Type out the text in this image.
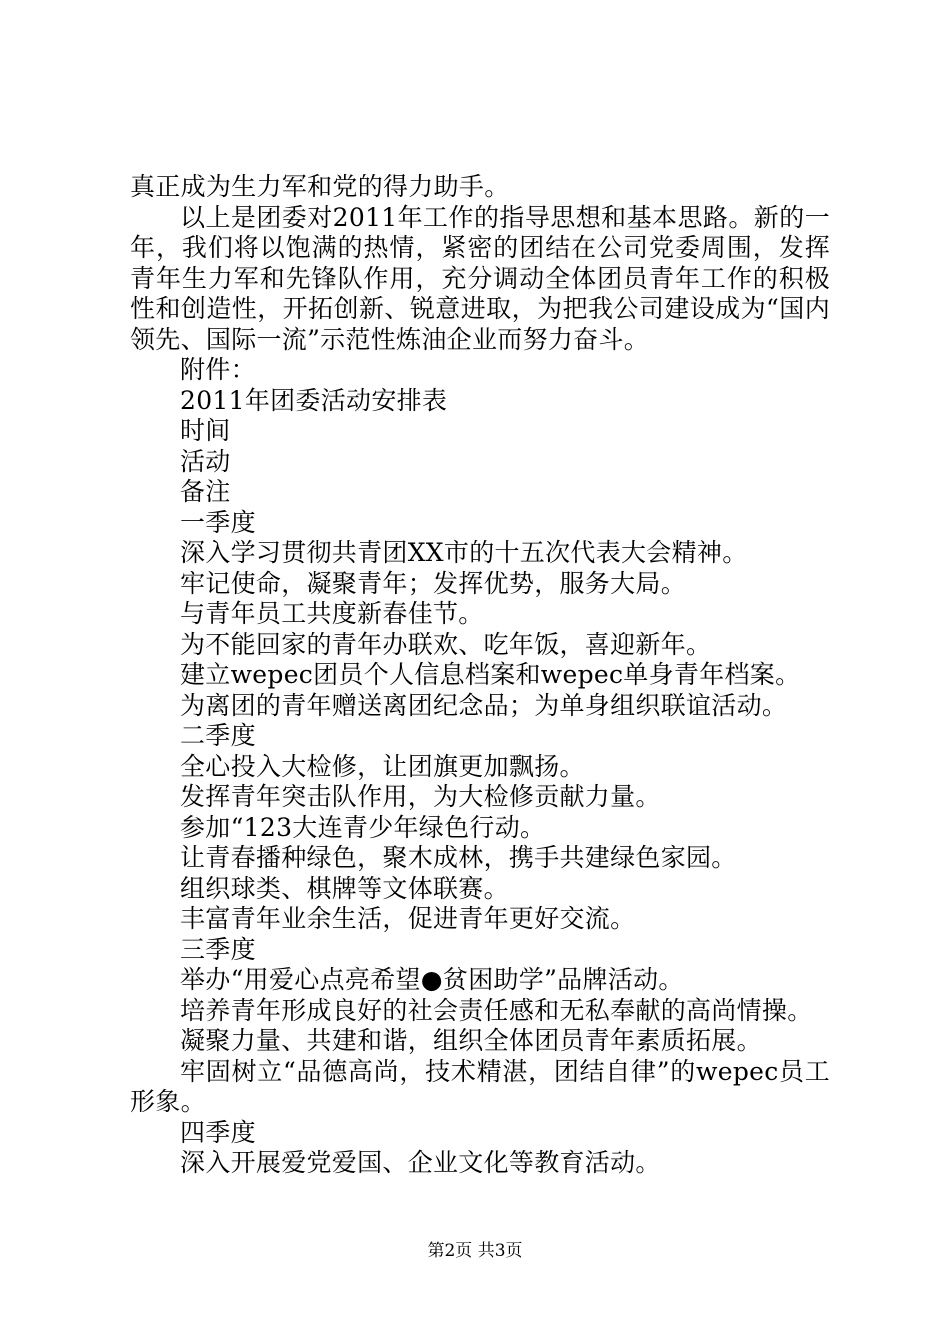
真正成为生力军和党的得力助手。

以上是团委对2011年工作的指导思想和基本思路。新的一年，我们将以饱满的热情，紧密的团结在公司党委周围，发挥青年生力军和先锋队作用，充分调动全体团员青年工作的积极性和创造性，开拓创新、锐意进取，为把我公司建设成为“国内领先、国际一流”示范性炼油企业而努力奋斗。

附件：

2011年团委活动安排表

时间

活动

备注

一季度

深入学习贯彻共青团XX市的十五次代表大会精神。

牢记使命，凝聚青年；发挥优势，服务大局。

与青年员工共度新春佳节。

为不能回家的青年办联欢、吃年饭，喜迎新年。

建立wepec团员个人信息档案和wepec单身青年档案。

为离团的青年赠送离团纪念品；为单身组织联谊活动。

二季度

全心投入大检修，让团旗更加飘扬。

发挥青年突击队作用，为大检修贡献力量。

参加“123大连青少年绿色行动。

让青春播种绿色，聚木成林，携手共建绿色家园。

组织球类、棋牌等文体联赛。

丰富青年业余生活，促进青年更好交流。

三季度

举办“用爱心点亮希望●贫困助学”品牌活动。

培养青年形成良好的社会责任感和无私奉献的高尚情操。

凝聚力量、共建和谐，组织全体团员青年素质拓展。

牢固树立“品德高尚，技术精湛，团结自律”的wepec员工形象。

四季度

深入开展爱党爱国、企业文化等教育活动。

第2页 共3页
